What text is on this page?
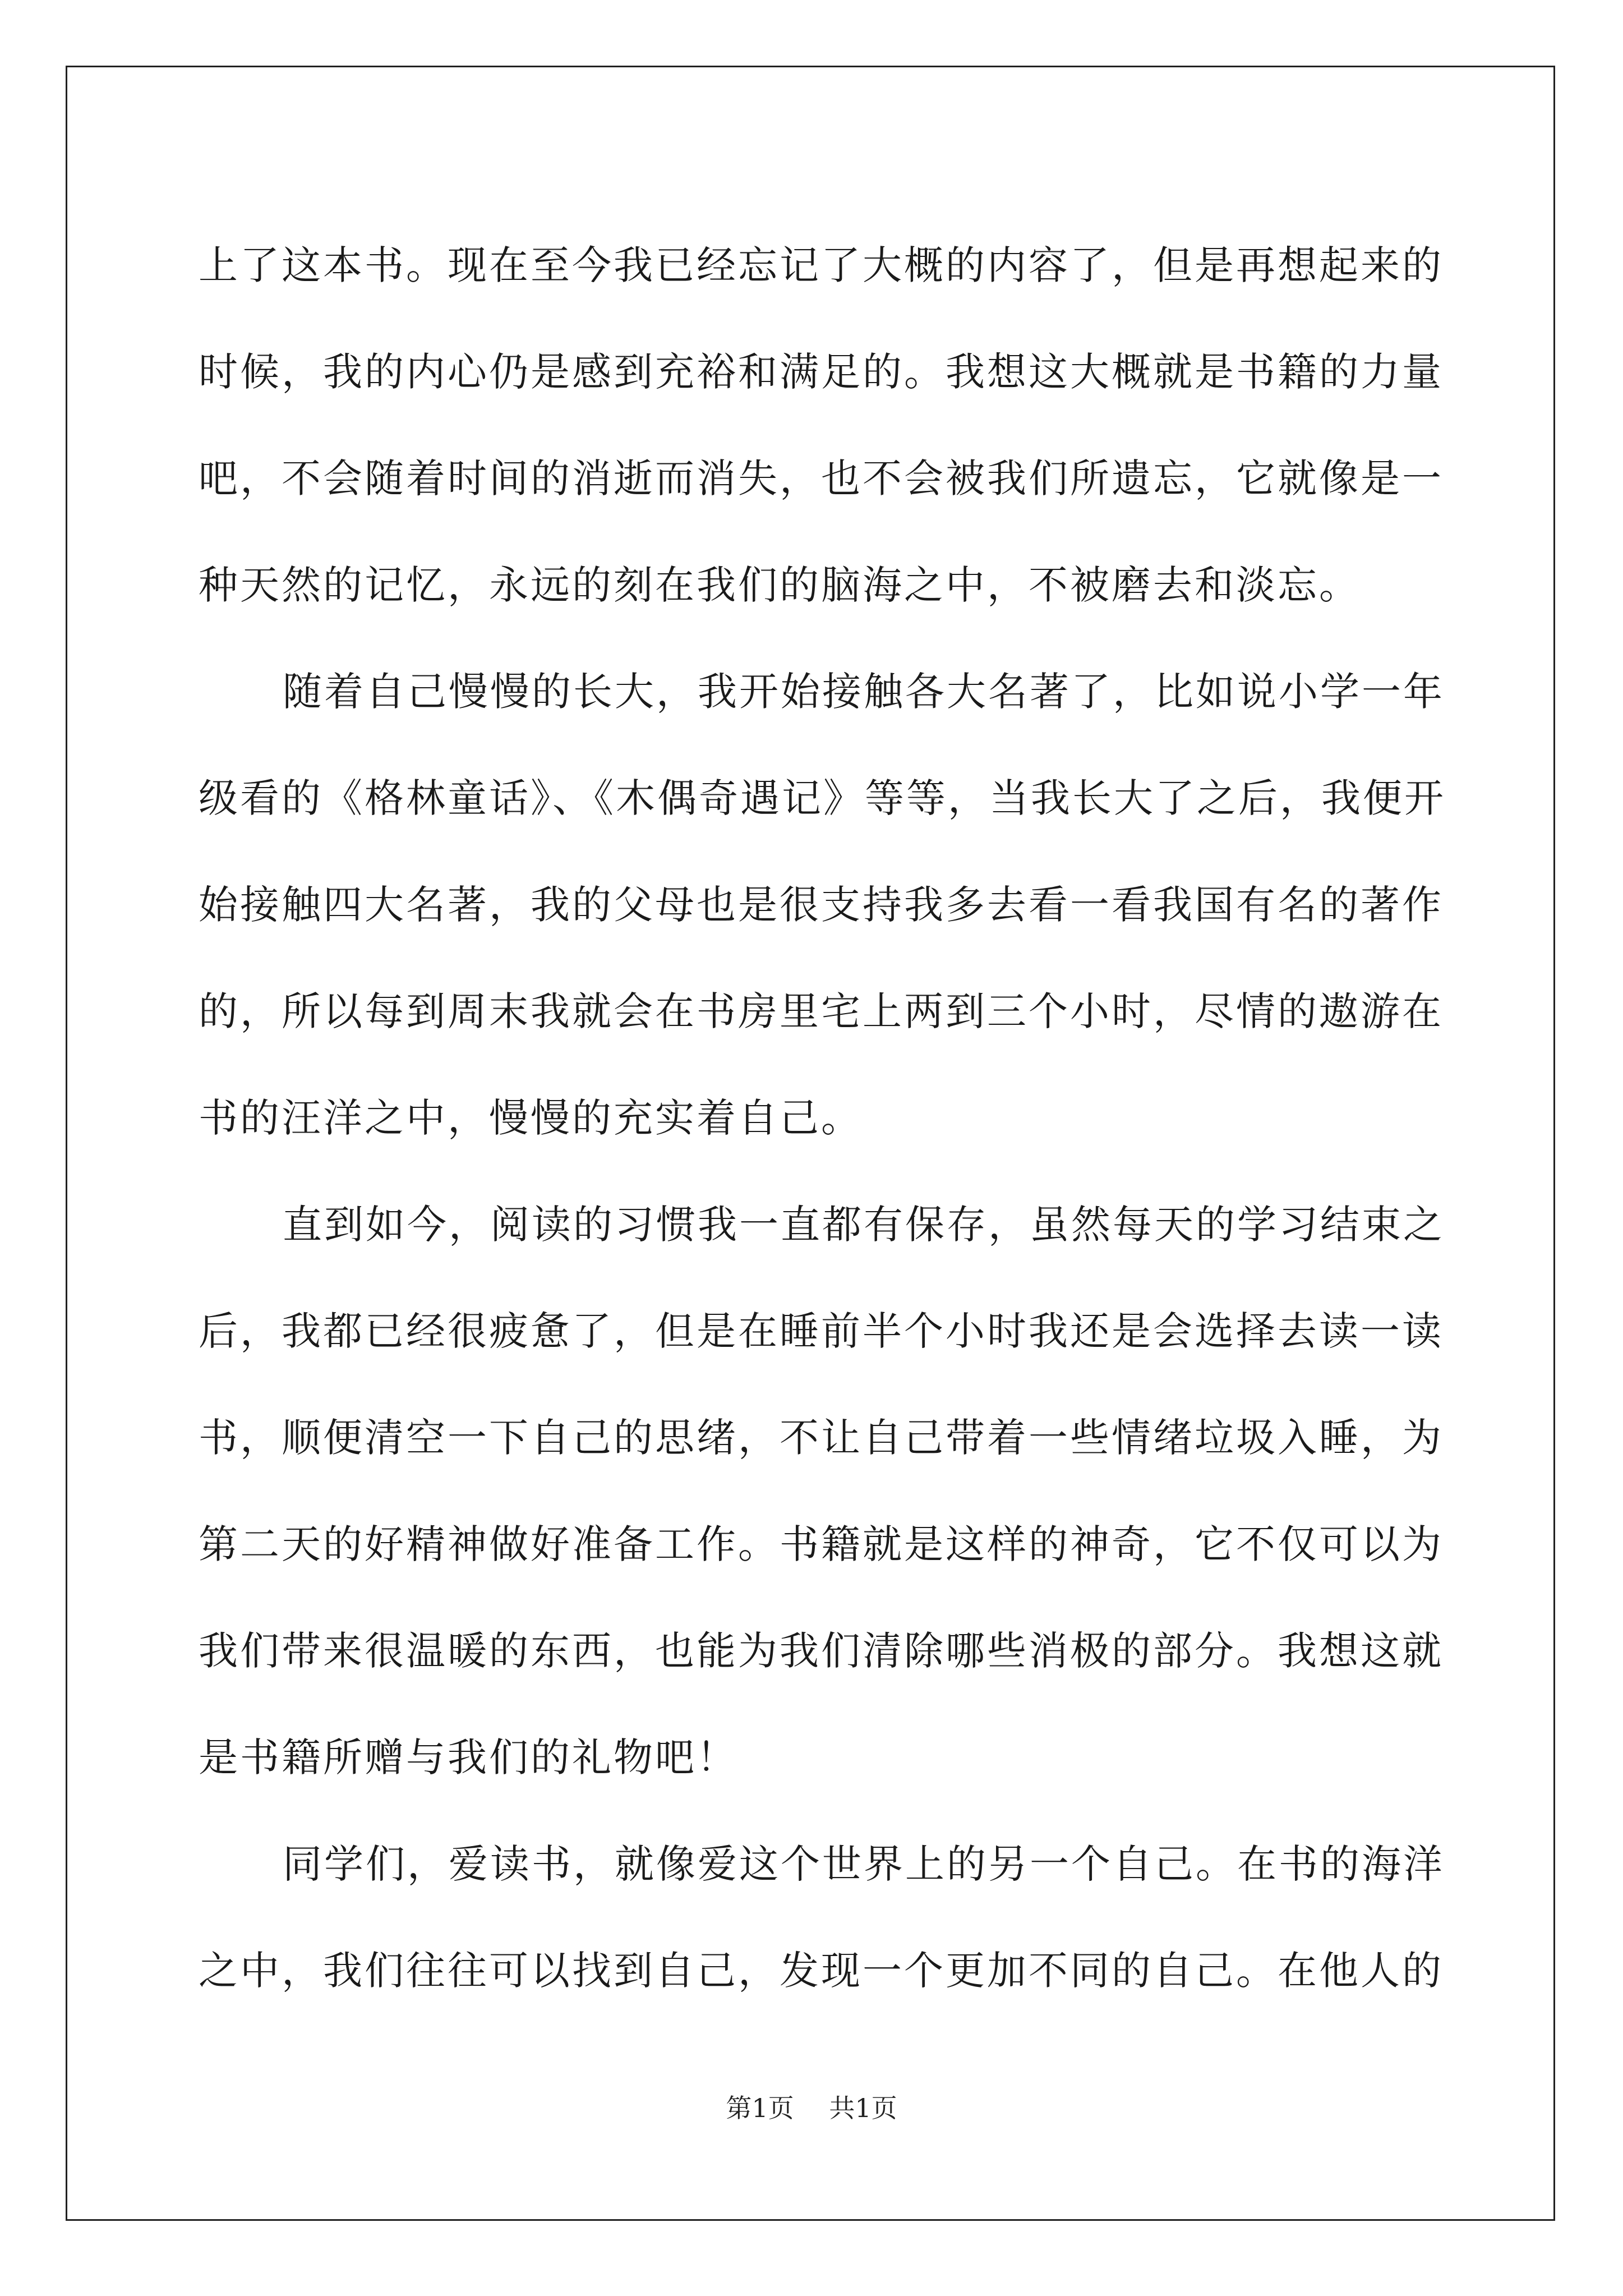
上了这本书。现在至今我已经忘记了大概的内容了，但是再想起来的
时候，我的内心仍是感到充裕和满足的。我想这大概就是书籍的力量
吧，不会随着时间的消逝而消失，也不会被我们所遗忘，它就像是一
种天然的记忆，永远的刻在我们的脑海之中，不被磨去和淡忘。
随着自己慢慢的长大，我开始接触各大名著了，比如说小学一年
级看的《格林童话》、《木偶奇遇记》等等，当我长大了之后，我便开
始接触四大名著，我的父母也是很支持我多去看一看我国有名的著作
的，所以每到周末我就会在书房里宅上两到三个小时，尽情的遨游在
书的汪洋之中，慢慢的充实着自己。
直到如今，阅读的习惯我一直都有保存，虽然每天的学习结束之
后，我都已经很疲惫了，但是在睡前半个小时我还是会选择去读一读
书，顺便清空一下自己的思绪，不让自己带着一些情绪垃圾入睡，为
第二天的好精神做好准备工作。书籍就是这样的神奇，它不仅可以为
我们带来很温暖的东西，也能为我们清除哪些消极的部分。我想这就
是书籍所赠与我们的礼物吧！
同学们，爱读书，就像爱这个世界上的另一个自己。在书的海洋
之中，我们往往可以找到自己，发现一个更加不同的自己。在他人的
第1页 共1页
